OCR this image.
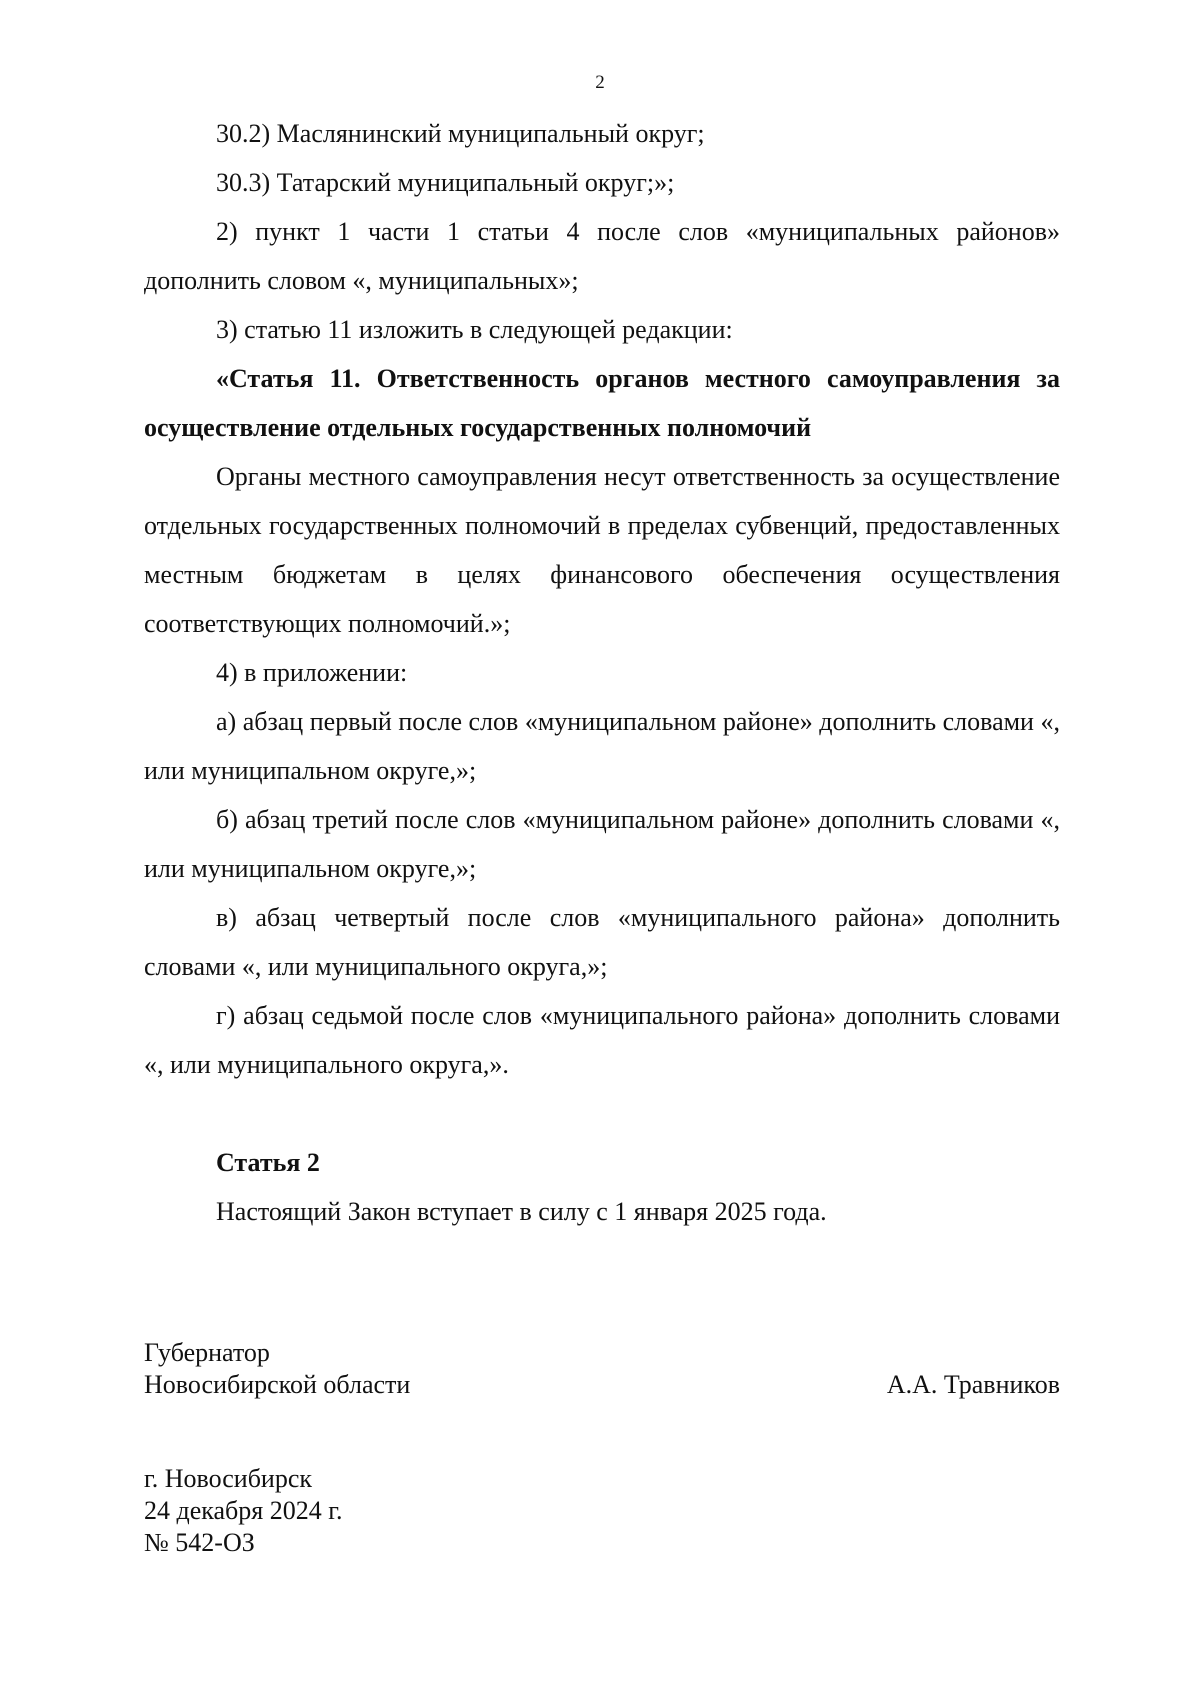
2

30.2) Маслянинский муниципальный округ;

30.3) Татарский муниципальный округ;»;

2) пункт 1 части 1 статьи 4 после слов «муниципальных районов» дополнить словом «, муниципальных»;

3) статью 11 изложить в следующей редакции:

«Статья 11. Ответственность органов местного самоуправления за осуществление отдельных государственных полномочий

Органы местного самоуправления несут ответственность за осуществление отдельных государственных полномочий в пределах субвенций, предоставленных местным бюджетам в целях финансового обеспечения осуществления соответствующих полномочий.»;

4) в приложении:

а) абзац первый после слов «муниципальном районе» дополнить словами «, или муниципальном округе,»;

б) абзац третий после слов «муниципальном районе» дополнить словами «, или муниципальном округе,»;

в) абзац четвертый после слов «муниципального района» дополнить словами «, или муниципального округа,»;

г) абзац седьмой после слов «муниципального района» дополнить словами «, или муниципального округа,».

Статья 2

Настоящий Закон вступает в силу с 1 января 2025 года.

Губернатор
Новосибирской области	А.А. Травников
г. Новосибирск
24 декабря 2024 г.
№ 542-ОЗ
